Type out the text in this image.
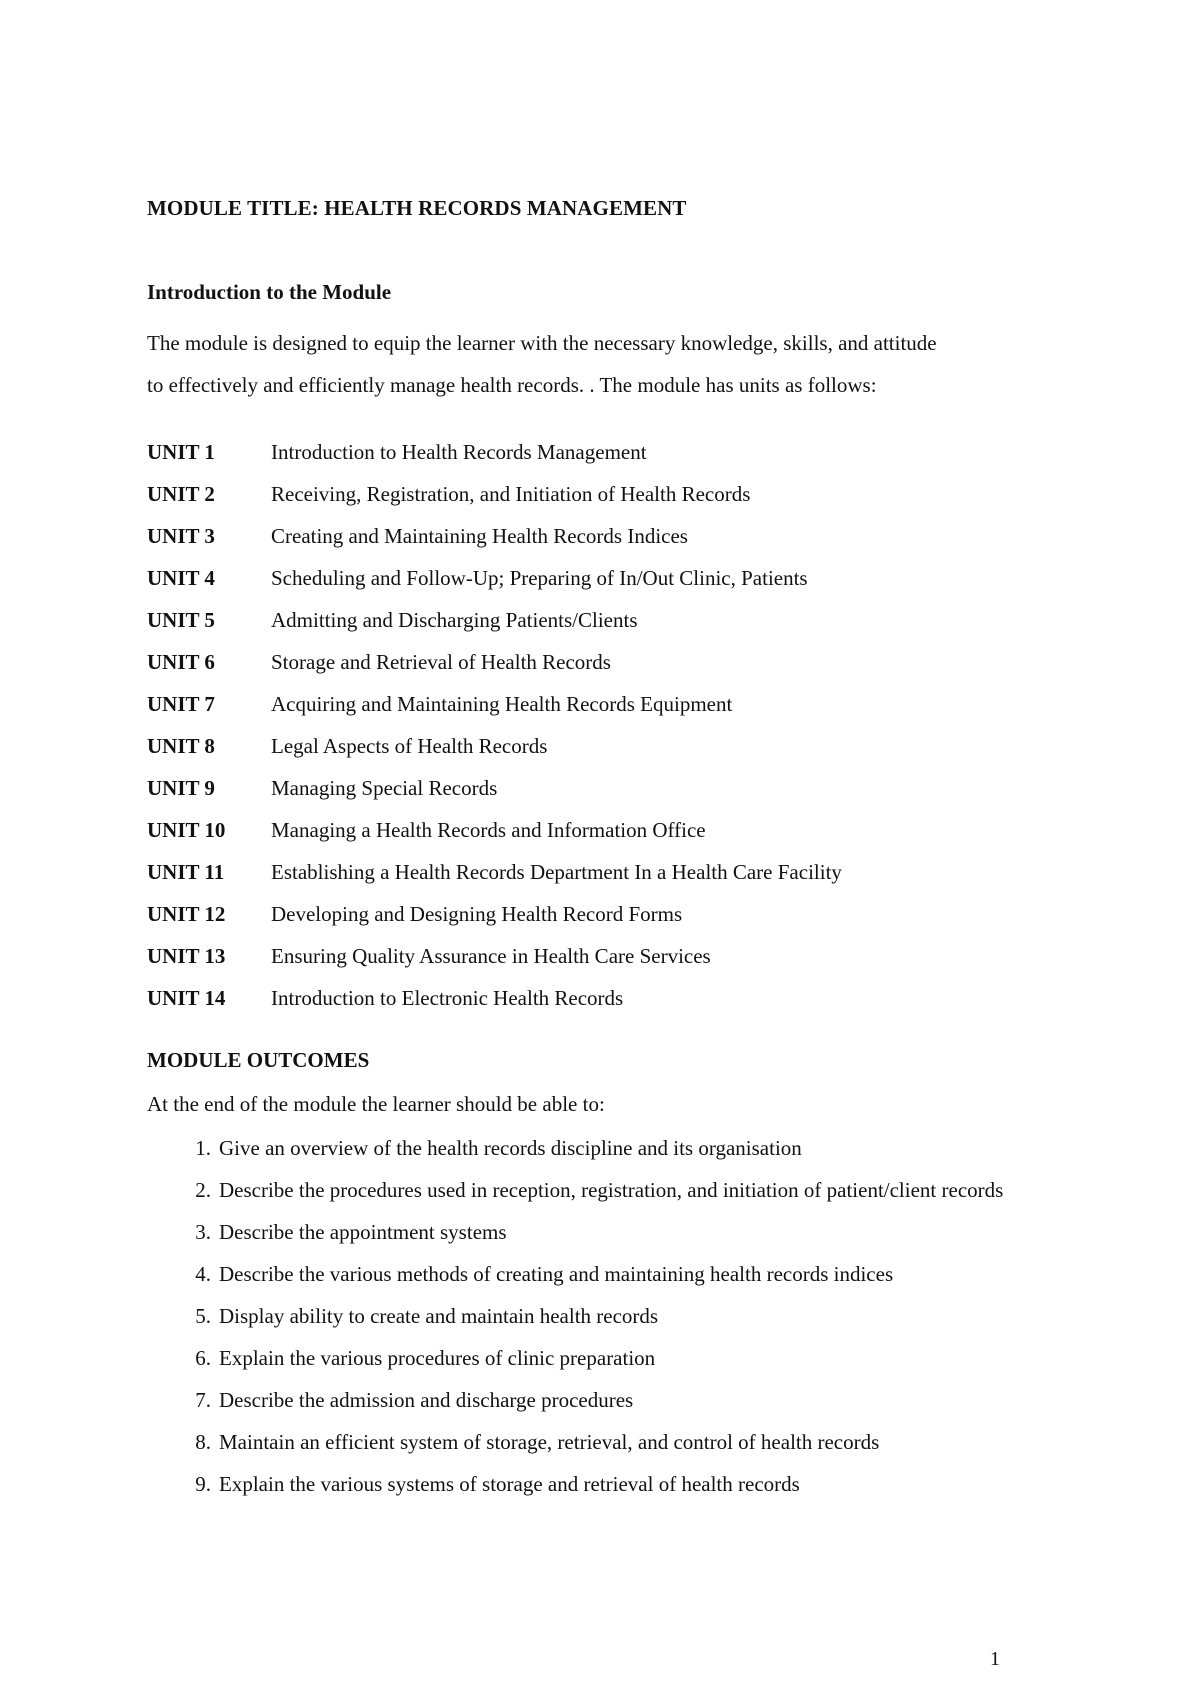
MODULE TITLE: HEALTH RECORDS MANAGEMENT
Introduction to the Module
The module is designed to equip the learner with the necessary knowledge, skills, and attitude
to effectively and efficiently manage health records. . The module has units as follows:
UNIT 1	Introduction to Health Records Management
UNIT 2	Receiving, Registration, and Initiation of Health Records
UNIT 3	Creating and Maintaining Health Records Indices
UNIT 4	Scheduling and Follow-Up; Preparing of In/Out Clinic, Patients
UNIT 5	Admitting and Discharging Patients/Clients
UNIT 6	Storage and Retrieval of Health Records
UNIT 7	Acquiring and Maintaining Health Records Equipment
UNIT 8	Legal Aspects of Health Records
UNIT 9	Managing Special Records
UNIT 10	Managing a Health Records and Information Office
UNIT 11	Establishing a Health Records Department In a Health Care Facility
UNIT 12	Developing and Designing Health Record Forms
UNIT 13	Ensuring Quality Assurance in Health Care Services
UNIT 14	Introduction to Electronic Health Records
MODULE OUTCOMES
At the end of the module the learner should be able to:
1. Give an overview of the health records discipline and its organisation
2. Describe the procedures used in reception, registration, and initiation of patient/client records
3. Describe the appointment systems
4. Describe the various methods of creating and maintaining health records indices
5. Display ability to create and maintain health records
6. Explain the various procedures of clinic preparation
7. Describe the admission and discharge procedures
8. Maintain an efficient system of storage, retrieval, and control of health records
9. Explain the various systems of storage and retrieval of health records
1
